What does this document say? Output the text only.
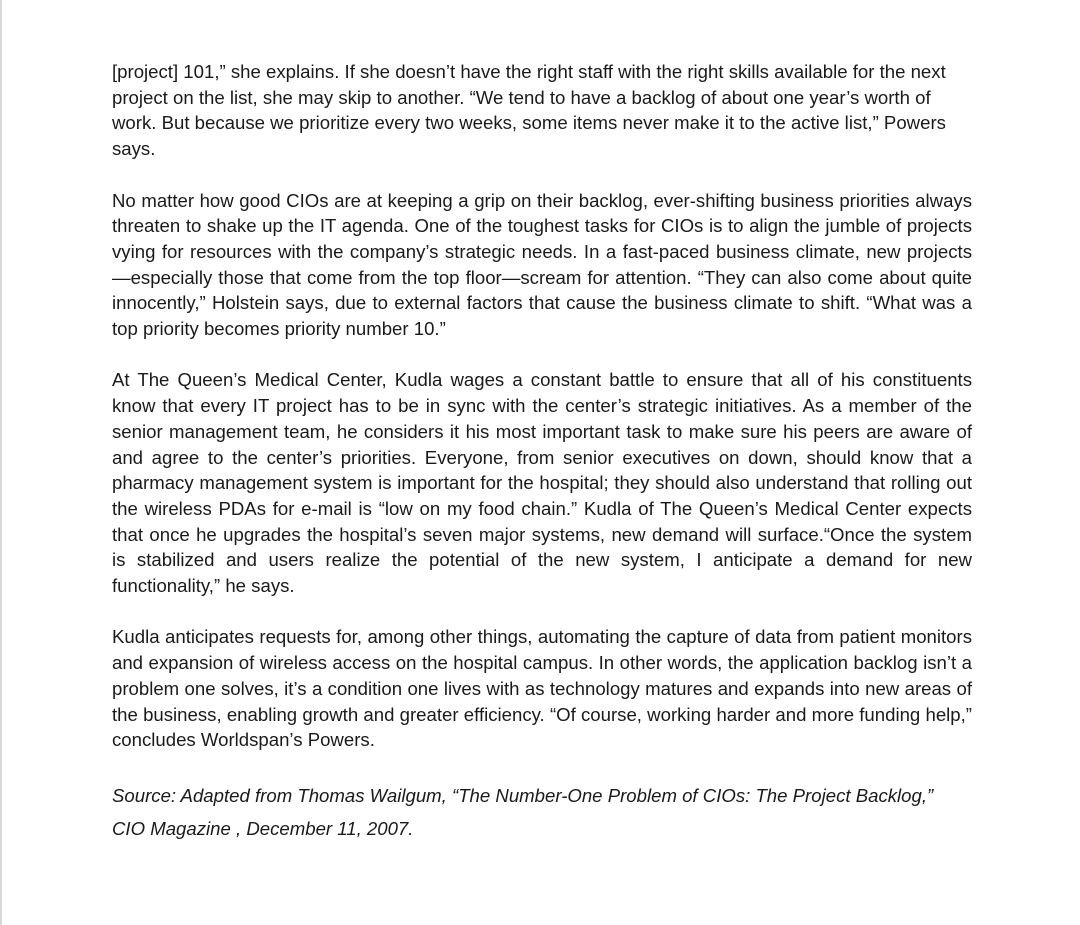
[project] 101,” she explains. If she doesn’t have the right staff with the right skills available for the next project on the list, she may skip to another. “We tend to have a backlog of about one year’s worth of work. But because we prioritize every two weeks, some items never make it to the active list,” Powers says.

No matter how good CIOs are at keeping a grip on their backlog, ever-shifting business priorities always threaten to shake up the IT agenda. One of the toughest tasks for CIOs is to align the jumble of projects vying for resources with the company’s strategic needs. In a fast-paced business climate, new projects—especially those that come from the top floor—scream for attention. “They can also come about quite innocently,” Holstein says, due to external factors that cause the business climate to shift. “What was a top priority becomes priority number 10.”

At The Queen’s Medical Center, Kudla wages a constant battle to ensure that all of his constituents know that every IT project has to be in sync with the center’s strategic initiatives. As a member of the senior management team, he considers it his most important task to make sure his peers are aware of and agree to the center’s priorities. Everyone, from senior executives on down, should know that a pharmacy management system is important for the hospital; they should also understand that rolling out the wireless PDAs for e-mail is “low on my food chain.” Kudla of The Queen’s Medical Center expects that once he upgrades the hospital’s seven major systems, new demand will surface.“Once the system is stabilized and users realize the potential of the new system, I anticipate a demand for new functionality,” he says.

Kudla anticipates requests for, among other things, automating the capture of data from patient monitors and expansion of wireless access on the hospital campus. In other words, the application backlog isn’t a problem one solves, it’s a condition one lives with as technology matures and expands into new areas of the business, enabling growth and greater efficiency. “Of course, working harder and more funding help,” concludes Worldspan’s Powers.

Source: Adapted from Thomas Wailgum, “The Number-One Problem of CIOs: The Project Backlog,”
CIO Magazine , December 11, 2007.
